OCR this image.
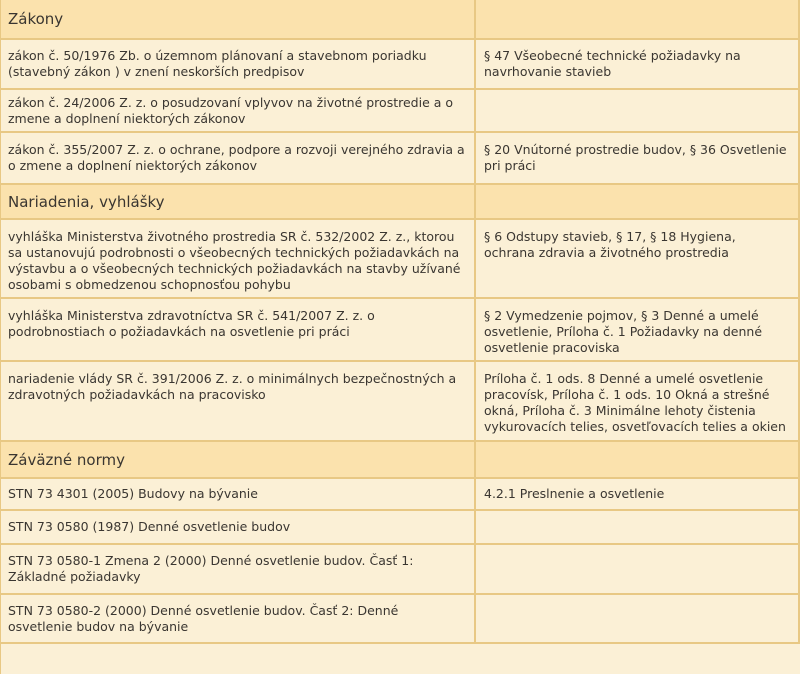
Zákony
zákon č. 50/1976 Zb. o územnom plánovaní a stavebnom poriadku (stavebný zákon ) v znení neskorších predpisov
§ 47 Všeobecné technické požiadavky na navrhovanie stavieb
zákon č. 24/2006 Z. z. o posudzovaní vplyvov na životné prostredie a o zmene a doplnení niektorých zákonov
zákon č. 355/2007 Z. z. o ochrane, podpore a rozvoji verejného zdravia a o zmene a doplnení niektorých zákonov
§ 20 Vnútorné prostredie budov, § 36 Osvetlenie pri práci
Nariadenia, vyhlášky
vyhláška Ministerstva životného prostredia SR č. 532/2002 Z. z., ktorou sa ustanovujú podrobnosti o všeobecných technických požiadavkách na výstavbu a o všeobecných technických požiadavkách na stavby užívané osobami s obmedzenou schopnosťou pohybu
§ 6 Odstupy stavieb, § 17, § 18 Hygiena, ochrana zdravia a životného prostredia
vyhláška Ministerstva zdravotníctva SR č. 541/2007 Z. z. o podrobnostiach o požiadavkách na osvetlenie pri práci
§ 2 Vymedzenie pojmov, § 3 Denné a umelé osvetlenie, Príloha č. 1 Požiadavky na denné osvetlenie pracoviska
nariadenie vlády SR č. 391/2006 Z. z. o minimálnych bezpečnostných a zdravotných požiadavkách na pracovisko
Príloha č. 1 ods. 8 Denné a umelé osvetlenie pracovísk, Príloha č. 1 ods. 10 Okná a strešné okná, Príloha č. 3 Minimálne lehoty čistenia vykurovacích telies, osvetľovacích telies a okien
Záväzné normy
STN 73 4301 (2005) Budovy na bývanie	4.2.1 Preslnenie a osvetlenie
STN 73 0580 (1987) Denné osvetlenie budov
STN 73 0580-1 Zmena 2 (2000) Denné osvetlenie budov. Časť 1: Základné požiadavky
STN 73 0580-2 (2000) Denné osvetlenie budov. Časť 2: Denné osvetlenie budov na bývanie
